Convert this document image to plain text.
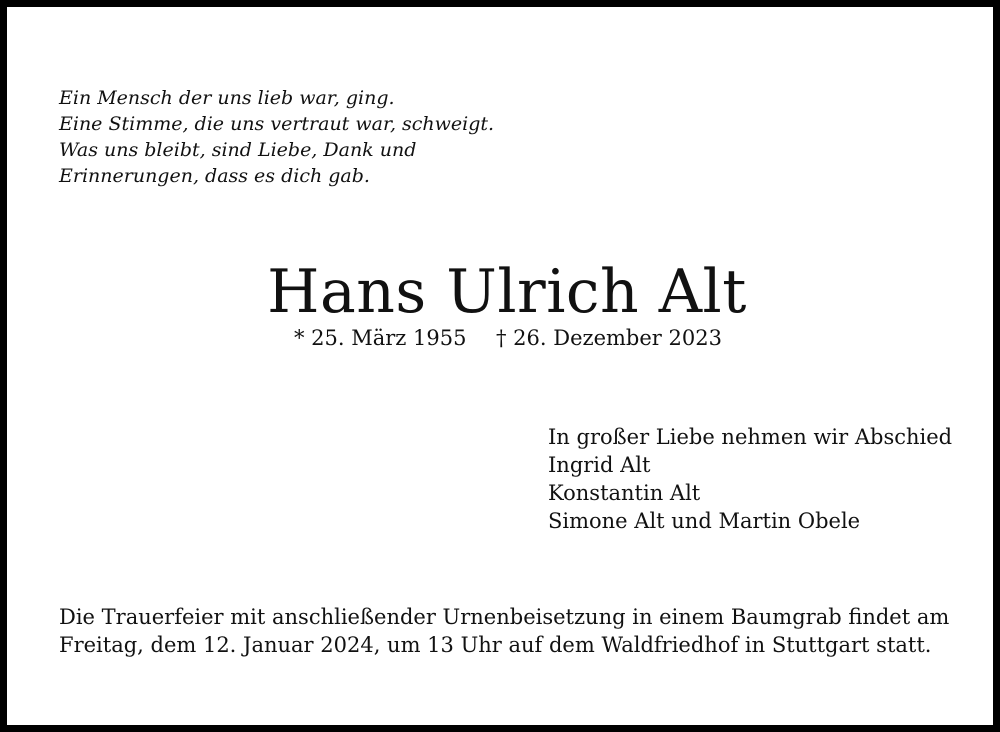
Ein Mensch der uns lieb war, ging.
Eine Stimme, die uns vertraut war, schweigt.
Was uns bleibt, sind Liebe, Dank und
Erinnerungen, dass es dich gab.
Hans Ulrich Alt
* 25. März 1955 † 26. Dezember 2023
In großer Liebe nehmen wir Abschied
Ingrid Alt
Konstantin Alt
Simone Alt und Martin Obele
Die Trauerfeier mit anschließender Urnenbeisetzung in einem Baumgrab findet am
Freitag, dem 12. Januar 2024, um 13 Uhr auf dem Waldfriedhof in Stuttgart statt.
